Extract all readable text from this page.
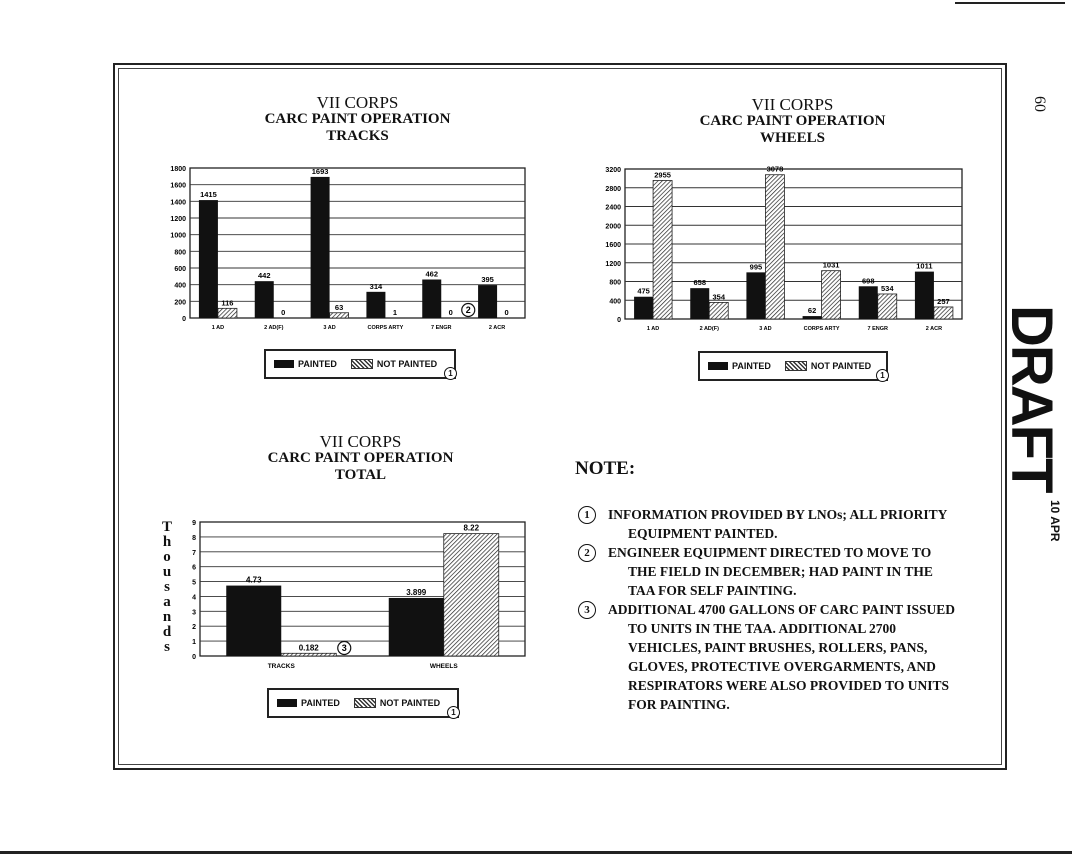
VII CORPS
CARC PAINT OPERATION
TRACKS
0
200
400
600
800
1000
1200
1400
1600
1800
1415
116
1 AD
442
0
2 AD(F)
1693
63
3 AD
314
1
CORPS ARTY
462
0
7 ENGR
2
395
0
2 ACR
PAINTED	NOT PAINTED
1
VII CORPS
CARC PAINT OPERATION
WHEELS
0
400
800
1200
1600
2000
2400
2800
3200
475
2955
1 AD
658
354
2 AD(F)
995
3078
3 AD
62
1031
CORPS ARTY
698
534
7 ENGR
1011
257
2 ACR
PAINTED	NOT PAINTED
1
VII CORPS
CARC PAINT OPERATION
TOTAL
T
h
o
u
s
a
n
d
s
0
1
2
3
4
5
6
7
8
9
4.73
0.182
TRACKS
3
3.899
8.22
WHEELS
PAINTED	NOT PAINTED
1
NOTE:

1	INFORMATION PROVIDED BY LNOs; ALL PRIORITY EQUIPMENT PAINTED.

2	ENGINEER EQUIPMENT DIRECTED TO MOVE TO THE FIELD IN DECEMBER; HAD PAINT IN THE TAA FOR SELF PAINTING.

3	ADDITIONAL 4700 GALLONS OF CARC PAINT ISSUED TO UNITS IN THE TAA. ADDITIONAL 2700 VEHICLES, PAINT BRUSHES, ROLLERS, PANS, GLOVES, PROTECTIVE OVERGARMENTS, AND RESPIRATORS WERE ALSO PROVIDED TO UNITS FOR PAINTING.

DRAFT
10 APR
60
